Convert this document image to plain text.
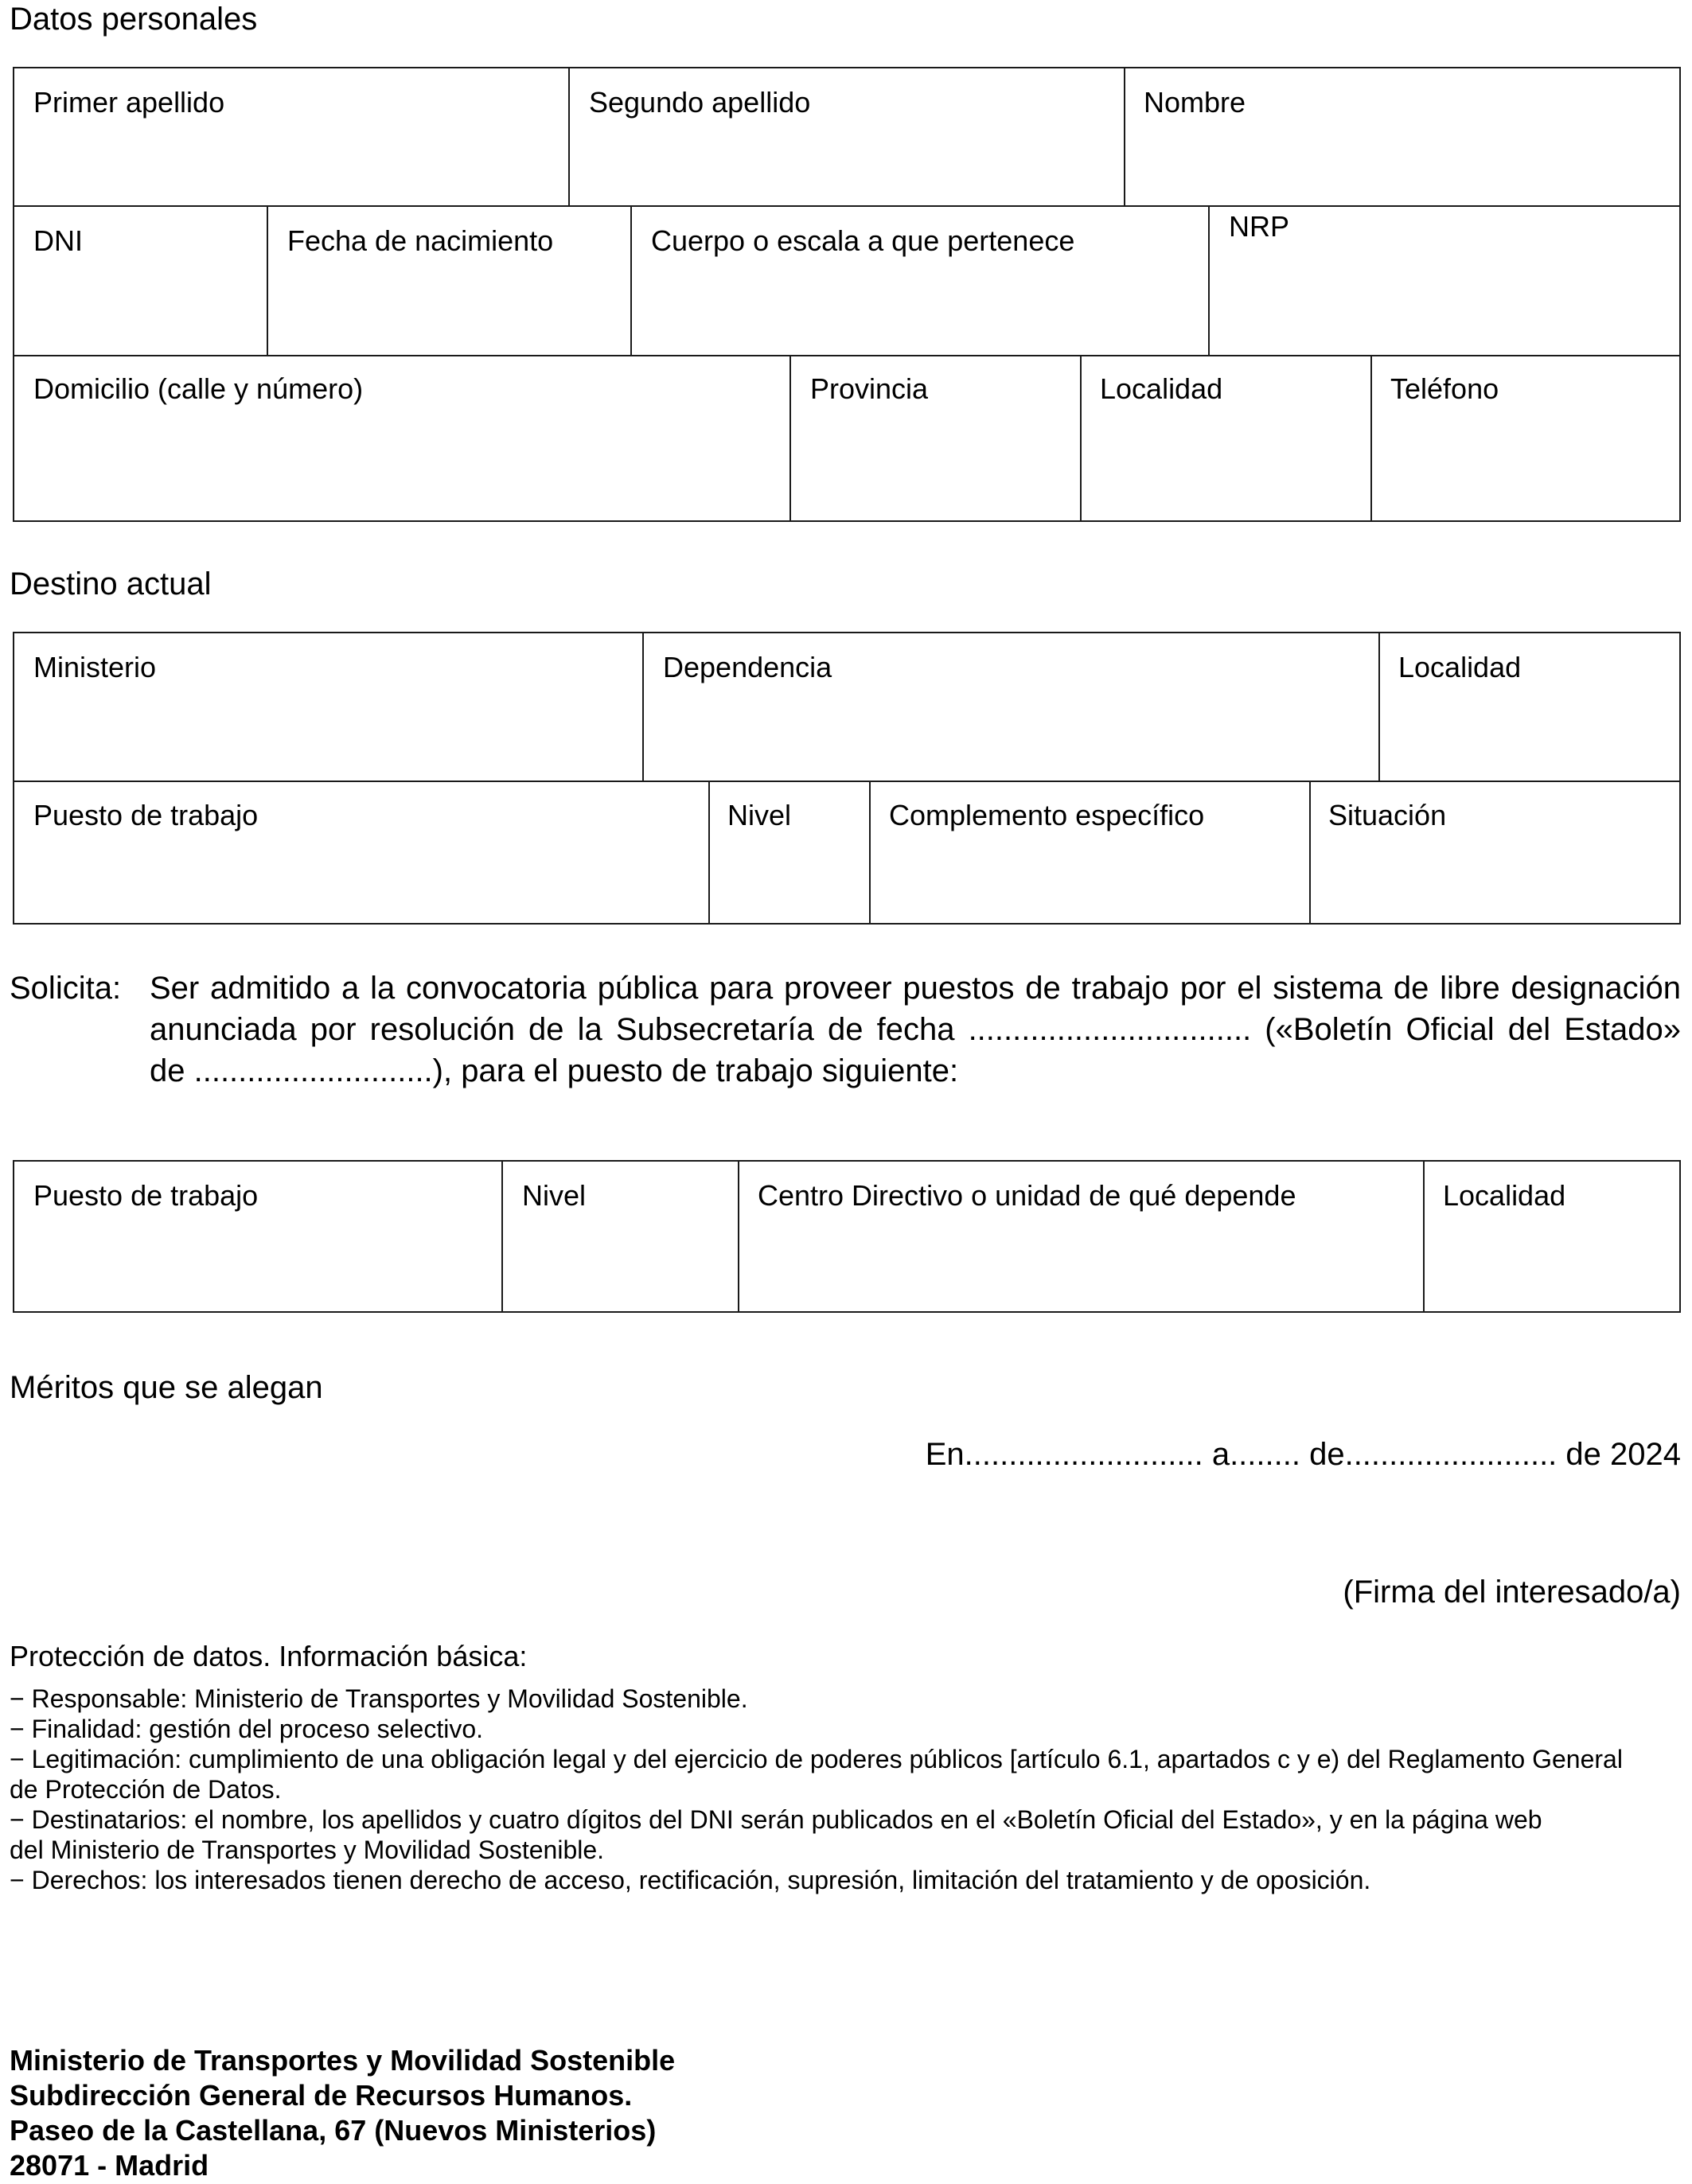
Datos personales
Primer apellido	Segundo apellido	Nombre
DNI	Fecha de nacimiento	Cuerpo o escala a que pertenece	NRP
Domicilio (calle y número)	Provincia	Localidad	Teléfono
Destino actual
Ministerio	Dependencia	Localidad
Puesto de trabajo	Nivel	Complemento específico	Situación
Solicita: Ser admitido a la convocatoria pública para proveer puestos de trabajo por el sistema de libre designación
anunciada por resolución de la Subsecretaría de fecha ................................ («Boletín Oficial del Estado»
de ...........................), para el puesto de trabajo siguiente:
Puesto de trabajo	Nivel	Centro Directivo o unidad de qué depende	Localidad
Méritos que se alegan
En........................... a........ de........................ de 2024
(Firma del interesado/a)
Protección de datos. Información básica:
− Responsable: Ministerio de Transportes y Movilidad Sostenible.
− Finalidad: gestión del proceso selectivo.
− Legitimación: cumplimiento de una obligación legal y del ejercicio de poderes públicos [artículo 6.1, apartados c y e) del Reglamento General
de Protección de Datos.
− Destinatarios: el nombre, los apellidos y cuatro dígitos del DNI serán publicados en el «Boletín Oficial del Estado», y en la página web
del Ministerio de Transportes y Movilidad Sostenible.
− Derechos: los interesados tienen derecho de acceso, rectificación, supresión, limitación del tratamiento y de oposición.
Ministerio de Transportes y Movilidad Sostenible
Subdirección General de Recursos Humanos.
Paseo de la Castellana, 67 (Nuevos Ministerios)
28071 - Madrid
